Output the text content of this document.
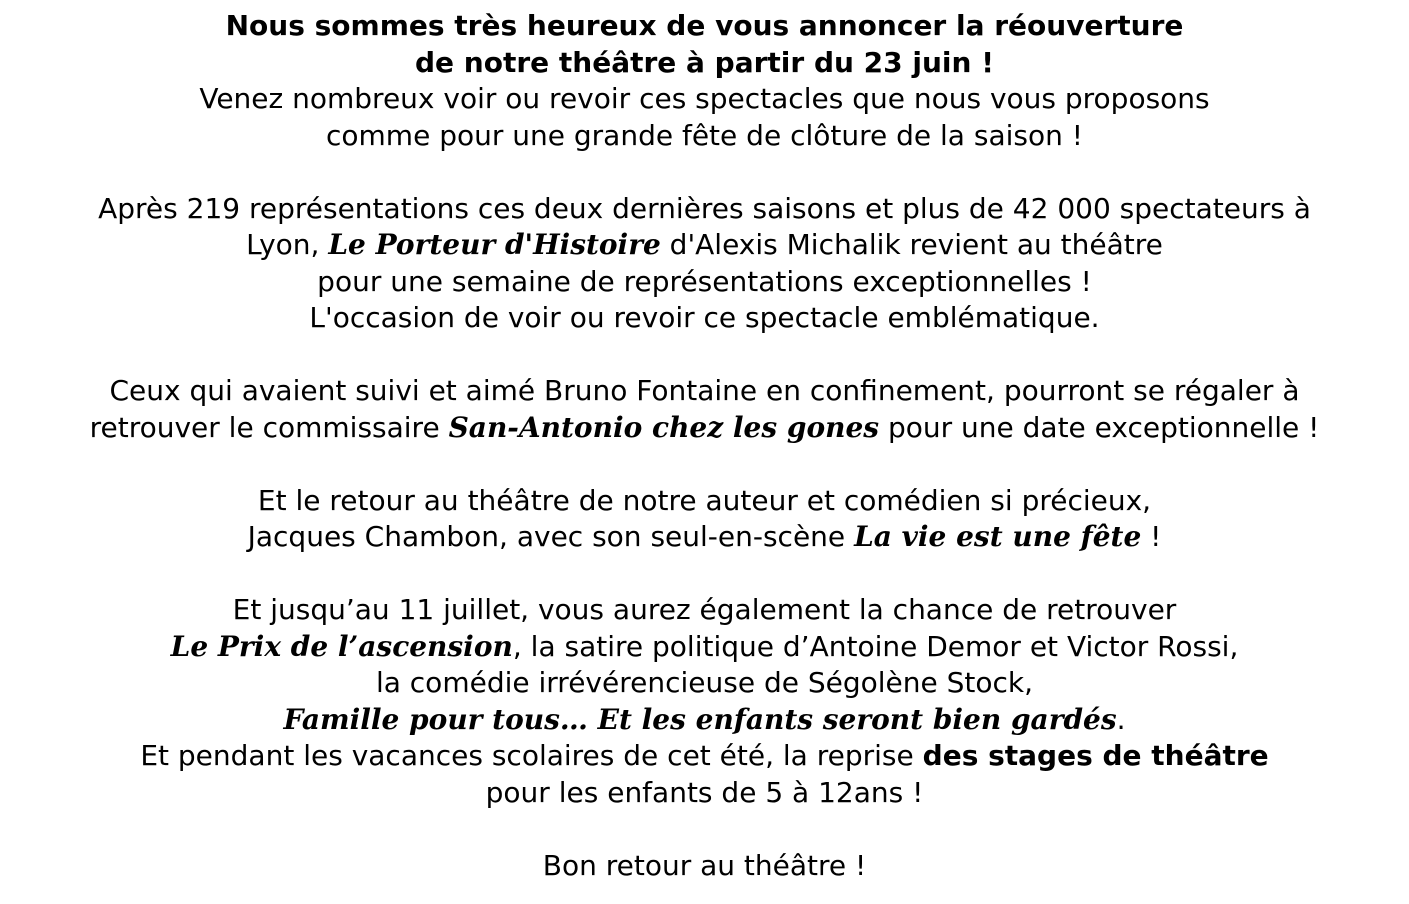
Nous sommes très heureux de vous annoncer la réouverture
de notre théâtre à partir du 23 juin !
Venez nombreux voir ou revoir ces spectacles que nous vous proposons
comme pour une grande fête de clôture de la saison !
Après 219 représentations ces deux dernières saisons et plus de 42 000 spectateurs à
Lyon, Le Porteur d'Histoire d'Alexis Michalik revient au théâtre
pour une semaine de représentations exceptionnelles !
L'occasion de voir ou revoir ce spectacle emblématique.
Ceux qui avaient suivi et aimé Bruno Fontaine en confinement, pourront se régaler à
retrouver le commissaire San-Antonio chez les gones pour une date exceptionnelle !
Et le retour au théâtre de notre auteur et comédien si précieux,
Jacques Chambon, avec son seul-en-scène La vie est une fête !
Et jusqu’au 11 juillet, vous aurez également la chance de retrouver
Le Prix de l’ascension, la satire politique d’Antoine Demor et Victor Rossi,
la comédie irrévérencieuse de Ségolène Stock,
Famille pour tous… Et les enfants seront bien gardés.
Et pendant les vacances scolaires de cet été, la reprise des stages de théâtre
pour les enfants de 5 à 12ans !
Bon retour au théâtre !
